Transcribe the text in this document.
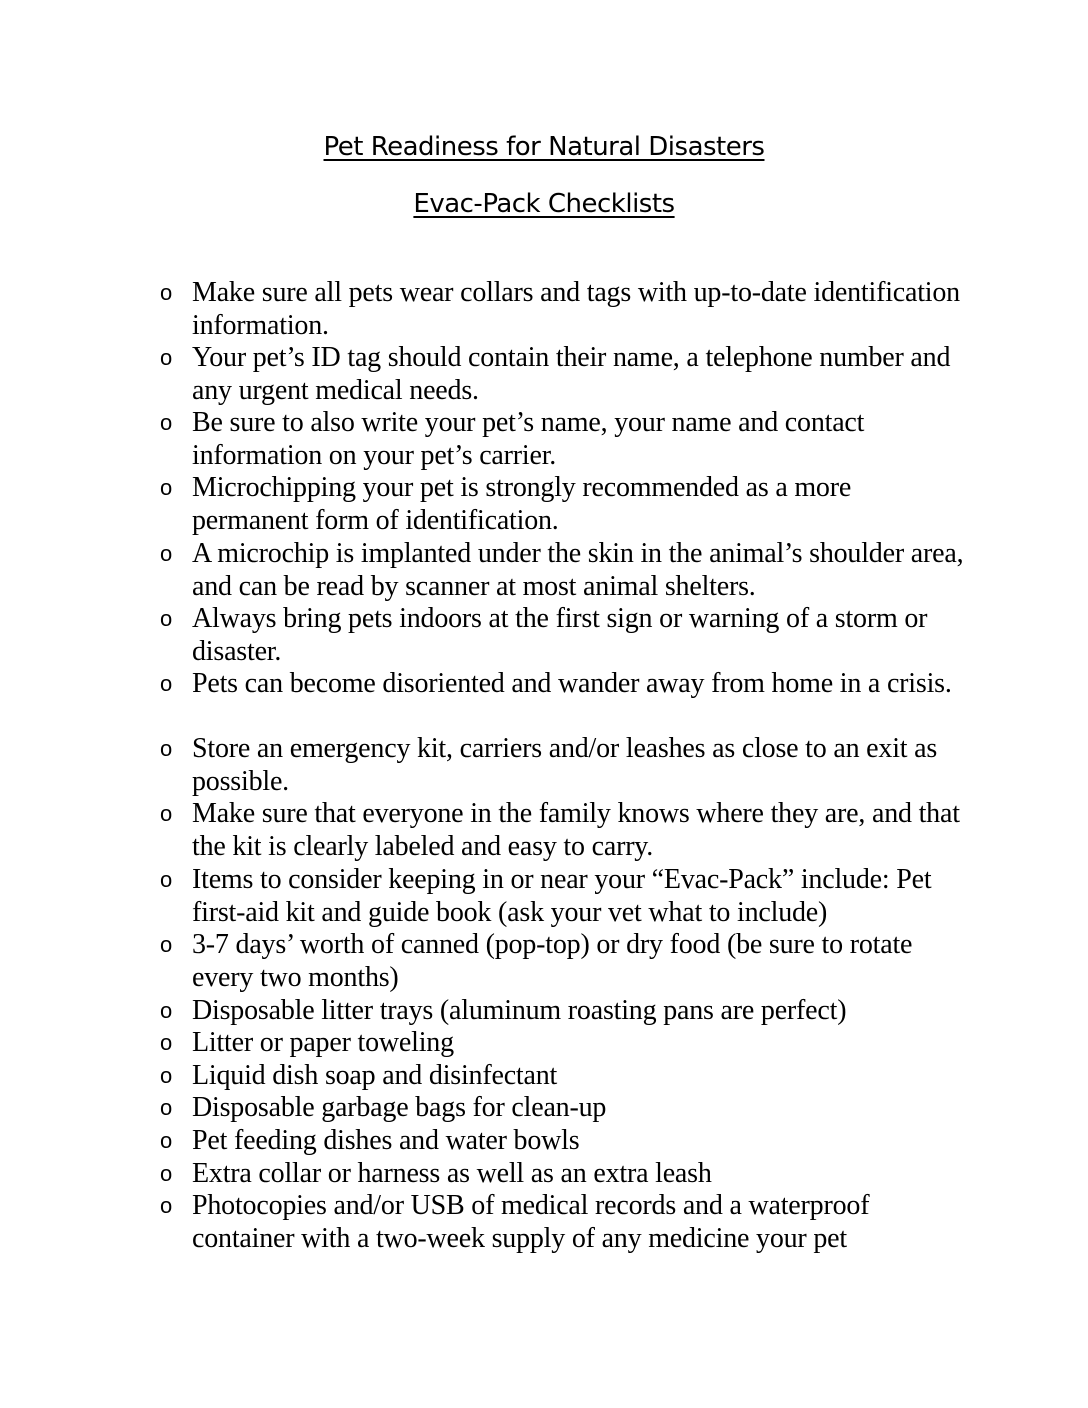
Pet Readiness for Natural Disasters
Evac-Pack Checklists
o Make sure all pets wear collars and tags with up-to-date identification information.
o Your pet’s ID tag should contain their name, a telephone number and any urgent medical needs.
o Be sure to also write your pet’s name, your name and contact information on your pet’s carrier.
o Microchipping your pet is strongly recommended as a more permanent form of identification.
o A microchip is implanted under the skin in the animal’s shoulder area, and can be read by scanner at most animal shelters.
o Always bring pets indoors at the first sign or warning of a storm or disaster.
o Pets can become disoriented and wander away from home in a crisis.
o Store an emergency kit, carriers and/or leashes as close to an exit as possible.
o Make sure that everyone in the family knows where they are, and that the kit is clearly labeled and easy to carry.
o Items to consider keeping in or near your “Evac-Pack” include: Pet first-aid kit and guide book (ask your vet what to include)
o 3-7 days’ worth of canned (pop-top) or dry food (be sure to rotate every two months)
o Disposable litter trays (aluminum roasting pans are perfect)
o Litter or paper toweling
o Liquid dish soap and disinfectant
o Disposable garbage bags for clean-up
o Pet feeding dishes and water bowls
o Extra collar or harness as well as an extra leash
o Photocopies and/or USB of medical records and a waterproof container with a two-week supply of any medicine your pet
